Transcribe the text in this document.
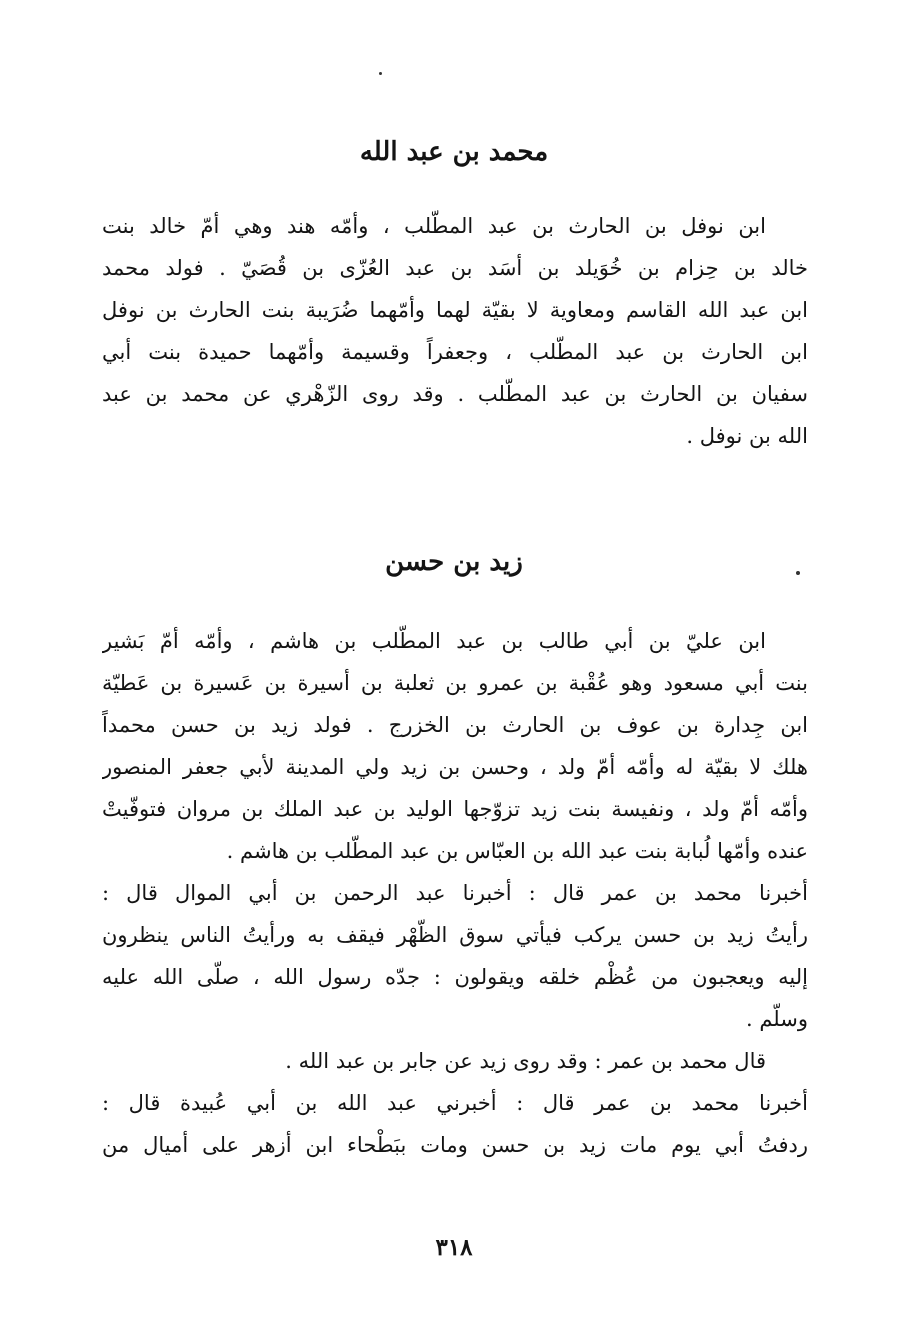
محمد بن عبد الله
ابن نوفل بن الحارث بن عبد المطّلب ، وأمّه هند وهي أمّ خالد بنت
خالد بن حِزام بن خُوَيلد بن أسَد بن عبد العُزّى بن قُصَيّ . فولد محمد
ابن عبد الله القاسم ومعاوية لا بقيّة لهما وأمّهما ضُرَيبة بنت الحارث بن نوفل
ابن الحارث بن عبد المطّلب ، وجعفراً وقسيمة وأمّهما حميدة بنت أبي
سفيان بن الحارث بن عبد المطّلب . وقد روى الزّهْري عن محمد بن عبد
الله بن نوفل .
زيد بن حسن
ابن عليّ بن أبي طالب بن عبد المطّلب بن هاشم ، وأمّه أمّ بَشير
بنت أبي مسعود وهو عُقْبة بن عمرو بن ثعلبة بن أسيرة بن عَسيرة بن عَطيّة
ابن جِدارة بن عوف بن الحارث بن الخزرج . فولد زيد بن حسن محمداً
هلك لا بقيّة له وأمّه أمّ ولد ، وحسن بن زيد ولي المدينة لأبي جعفر المنصور
وأمّه أمّ ولد ، ونفيسة بنت زيد تزوّجها الوليد بن عبد الملك بن مروان فتوفّيتْ
عنده وأمّها لُبابة بنت عبد الله بن العبّاس بن عبد المطّلب بن هاشم .
أخبرنا محمد بن عمر قال : أخبرنا عبد الرحمن بن أبي الموال قال :
رأيتُ زيد بن حسن يركب فيأتي سوق الظّهْر فيقف به ورأيتُ الناس ينظرون
إليه ويعجبون من عُظْم خلقه ويقولون : جدّه رسول الله ، صلّى الله عليه
وسلّم .
قال محمد بن عمر : وقد روى زيد عن جابر بن عبد الله .
أخبرنا محمد بن عمر قال : أخبرني عبد الله بن أبي عُبيدة قال :
ردفتُ أبي يوم مات زيد بن حسن ومات ببَطْحاء ابن أزهر على أميال من
٣١٨
